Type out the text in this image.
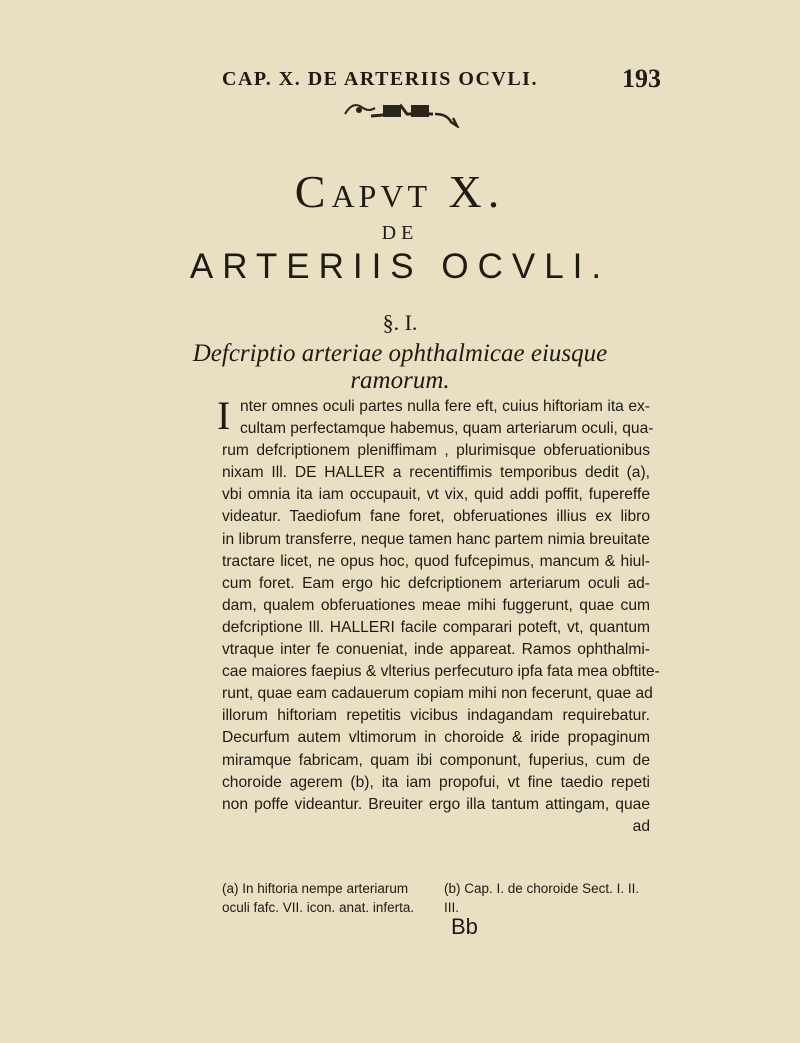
CAP. X. DE ARTERIIS OCVLI.	193
CAPVT X.
DE
ARTERIIS OCVLI.
§. I.
Defcriptio arteriae ophthalmicae eiusque
ramorum.
I nter omnes oculi partes nulla fere eft, cuius hiftoriam ita ex-
cultam perfectamque habemus, quam arteriarum oculi, qua-
rum defcriptionem pleniffimam , plurimisque obferuationibus
nixam Ill. DE HALLER a recentiffimis temporibus dedit (a),
vbi omnia ita iam occupauit, vt vix, quid addi poffit, fupereffe
videatur. Taediofum fane foret, obferuationes illius ex libro
in librum transferre, neque tamen hanc partem nimia breuitate
tractare licet, ne opus hoc, quod fufcepimus, mancum & hiul-
cum foret. Eam ergo hic defcriptionem arteriarum oculi ad-
dam, qualem obferuationes meae mihi fuggerunt, quae cum
defcriptione Ill. HALLERI facile comparari poteft, vt, quantum
vtraque inter fe conueniat, inde appareat. Ramos ophthalmi-
cae maiores faepius & vlterius perfecuturo ipfa fata mea obftite-
runt, quae eam cadauerum copiam mihi non fecerunt, quae ad
illorum hiftoriam repetitis vicibus indagandam requirebatur.
Decurfum autem vltimorum in choroide & iride propaginum
miramque fabricam, quam ibi componunt, fuperius, cum de
choroide agerem (b), ita iam propofui, vt fine taedio repeti
non poffe videantur. Breuiter ergo illa tantum attingam, quae
ad
(a) In hiftoria nempe arteriarum	(b) Cap. I. de choroide Sect. I. II.
oculi fafc. VII. icon. anat. inferta. III.
Bb
